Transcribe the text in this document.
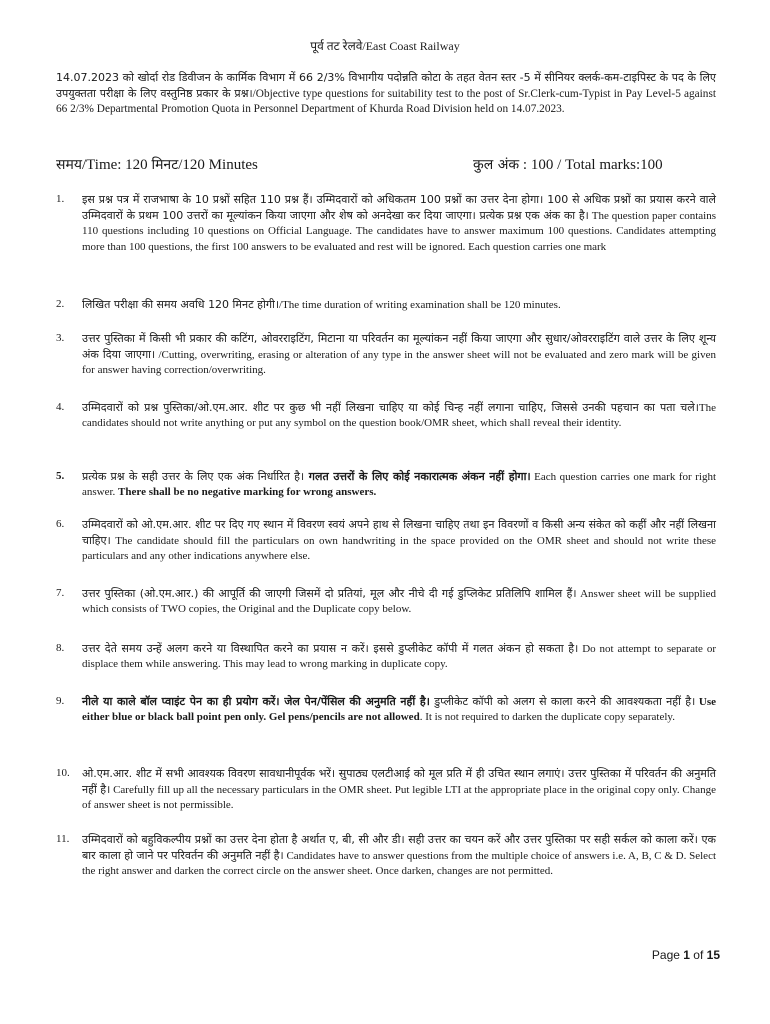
पूर्व तट रेलवे/East Coast Railway
14.07.2023 को खोर्दा रोड डिवीजन के कार्मिक विभाग में 66 2/3% विभागीय पदोन्नति कोटा के तहत वेतन स्तर -5 में सीनियर क्लर्क-कम-टाइपिस्ट के पद के लिए उपयुक्तता परीक्षा के लिए वस्तुनिष्ठ प्रकार के प्रश्न।/Objective type questions for suitability test to the post of Sr.Clerk-cum-Typist in Pay Level-5 against 66 2/3% Departmental Promotion Quota in Personnel Department of Khurda Road Division held on 14.07.2023.
समय/Time: 120 मिनट/120 Minutes	कुल अंक : 100 / Total marks:100
1.	इस प्रश्न पत्र में राजभाषा के 10 प्रश्नों सहित 110 प्रश्न हैं। उम्मिदवारों को अधिकतम 100 प्रश्नों का उत्तर देना होगा। 100 से अधिक प्रश्नों का प्रयास करने वाले उम्मिदवारों के प्रथम 100 उत्तरों का मूल्यांकन किया जाएगा और शेष को अनदेखा कर दिया जाएगा। प्रत्येक प्रश्न एक अंक का है। The question paper contains 110 questions including 10 questions on Official Language. The candidates have to answer maximum 100 questions. Candidates attempting more than 100 questions, the first 100 answers to be evaluated and rest will be ignored. Each question carries one mark
2.	लिखित परीक्षा की समय अवधि 120 मिनट होगी।/The time duration of writing examination shall be 120 minutes.
3.	उत्तर पुस्तिका में किसी भी प्रकार की कटिंग, ओवरराइटिंग, मिटाना या परिवर्तन का मूल्यांकन नहीं किया जाएगा और सुधार/ओवरराइटिंग वाले उत्तर के लिए शून्य अंक दिया जाएगा। /Cutting, overwriting, erasing or alteration of any type in the answer sheet will not be evaluated and zero mark will be given for answer having correction/overwriting.
4.	उम्मिदवारों को प्रश्न पुस्तिका/ओ.एम.आर. शीट पर कुछ भी नहीं लिखना चाहिए या कोई चिन्ह नहीं लगाना चाहिए, जिससे उनकी पहचान का पता चले।The candidates should not write anything or put any symbol on the question book/OMR sheet, which shall reveal their identity.
5.	प्रत्येक प्रश्न के सही उत्तर के लिए एक अंक निर्धारित है। गलत उत्तरों के लिए कोई नकारात्मक अंकन नहीं होगा। Each question carries one mark for right answer. There shall be no negative marking for wrong answers.
6.	उम्मिदवारों को ओ.एम.आर. शीट पर दिए गए स्थान में विवरण स्वयं अपने हाथ से लिखना चाहिए तथा इन विवरणों व किसी अन्य संकेत को कहीं और नहीं लिखना चाहिए। The candidate should fill the particulars on own handwriting in the space provided on the OMR sheet and should not write these particulars and any other indications anywhere else.
7.	उत्तर पुस्तिका (ओ.एम.आर.) की आपूर्ति की जाएगी जिसमें दो प्रतियां, मूल और नीचे दी गई डुप्लिकेट प्रतिलिपि शामिल हैं। Answer sheet will be supplied which consists of TWO copies, the Original and the Duplicate copy below.
8.	उत्तर देते समय उन्हें अलग करने या विस्थापित करने का प्रयास न करें। इससे डुप्लीकेट कॉपी में गलत अंकन हो सकता है। Do not attempt to separate or displace them while answering. This may lead to wrong marking in duplicate copy.
9.	नीले या काले बॉल प्वाइंट पेन का ही प्रयोग करें। जेल पेन/पेंसिल की अनुमति नहीं है। डुप्लीकेट कॉपी को अलग से काला करने की आवश्यकता नहीं है। Use either blue or black ball point pen only. Gel pens/pencils are not allowed. It is not required to darken the duplicate copy separately.
10.	ओ.एम.आर. शीट में सभी आवश्यक विवरण सावधानीपूर्वक भरें। सुपाठ्य एलटीआई को मूल प्रति में ही उचित स्थान लगाएं। उत्तर पुस्तिका में परिवर्तन की अनुमति नहीं है। Carefully fill up all the necessary particulars in the OMR sheet. Put legible LTI at the appropriate place in the original copy only. Change of answer sheet is not permissible.
11.	उम्मिदवारों को बहुविकल्पीय प्रश्नों का उत्तर देना होता है अर्थात ए, बी, सी और डी। सही उत्तर का चयन करें और उत्तर पुस्तिका पर सही सर्कल को काला करें। एक बार काला हो जाने पर परिवर्तन की अनुमति नहीं है। Candidates have to answer questions from the multiple choice of answers i.e. A, B, C & D. Select the right answer and darken the correct circle on the answer sheet. Once darken, changes are not permitted.
Page 1 of 15
